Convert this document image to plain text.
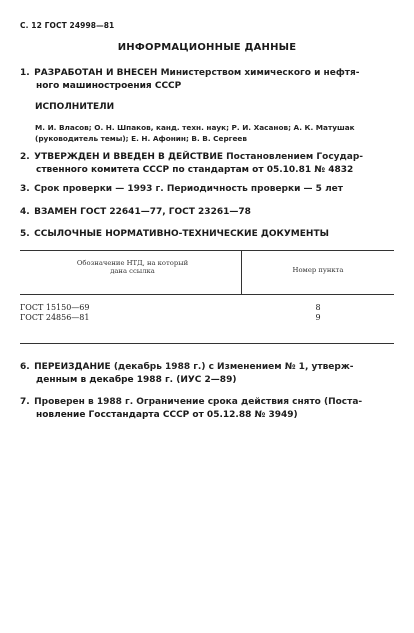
С. 12 ГОСТ 24998—81
ИНФОРМАЦИОННЫЕ ДАННЫЕ
1. РАЗРАБОТАН И ВНЕСЕН Министерством химического и нефтя-
ного машиностроения СССР
ИСПОЛНИТЕЛИ
М. И. Власов; О. Н. Шпаков, канд. техн. наук; Р. И. Хасанов; А. К. Матушак
(руководитель темы); Е. Н. Афонин; В. В. Сергеев
2. УТВЕРЖДЕН И ВВЕДЕН В ДЕЙСТВИЕ Постановлением Государ-
ственного комитета СССР по стандартам от 05.10.81 № 4832
3. Срок проверки — 1993 г. Периодичность проверки — 5 лет
4. ВЗАМЕН ГОСТ 22641—77, ГОСТ 23261—78
5. ССЫЛОЧНЫЕ НОРМАТИВНО-ТЕХНИЧЕСКИЕ ДОКУМЕНТЫ
Обозначение НТД, на который
дана ссылка	Номер пункта
ГОСТ 15150—69	8
ГОСТ 24856—81	9
6. ПЕРЕИЗДАНИЕ (декабрь 1988 г.) с Изменением № 1, утверж-
денным в декабре 1988 г. (ИУС 2—89)
7. Проверен в 1988 г. Ограничение срока действия снято (Поста-
новление Госстандарта СССР от 05.12.88 № 3949)
